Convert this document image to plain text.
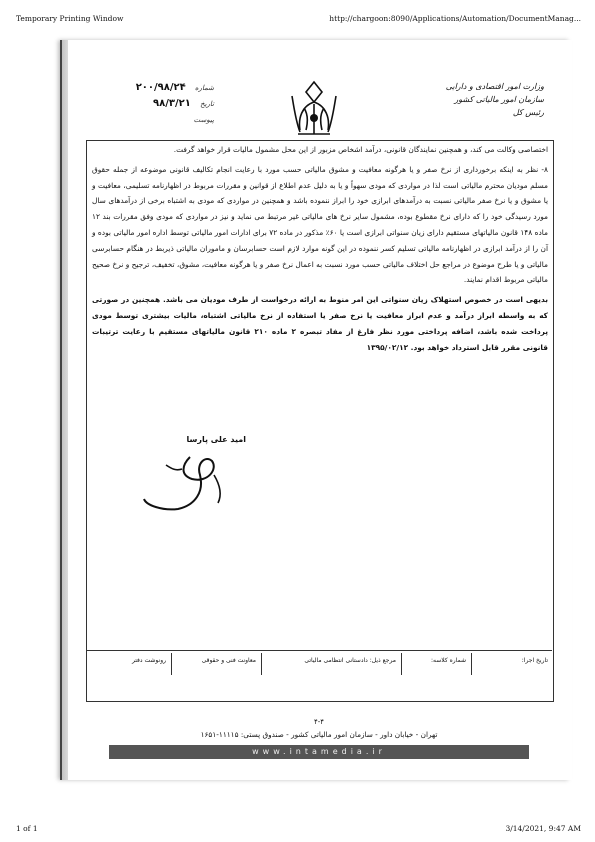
Temporary Printing Window	http://chargoon:8090/Applications/Automation/DocumentManag...
وزارت امور اقتصادی و دارایی
سازمان امور مالیاتی کشور
رئیس کل
شماره ۲۰۰/۹۸/۲۴
تاریخ ۹۸/۳/۲۱
پیوست

اختصاصی وکالت می کند، و همچنین نمایندگان قانونی، درآمد اشخاص مزبور از این محل مشمول مالیات قرار خواهد گرفت.

۸- نظر به اینکه برخورداری از نرخ صفر و یا هرگونه معافیت و مشوق مالیاتی حسب مورد با رعایت انجام تکالیف قانونی موضوعه از جمله حقوق مسلم مودیان محترم مالیاتی است لذا در مواردی که مودی سهواً و یا به دلیل عدم اطلاع از قوانین و مقررات مربوط در اظهارنامه تسلیمی، معافیت و یا مشوق و یا نرخ صفر مالیاتی نسبت به درآمدهای ابرازی خود را ابراز ننموده باشد و همچنین در مواردی که مودی به اشتباه برخی از درآمدهای سال مورد رسیدگی خود را که دارای نرخ مقطوع بوده، مشمول سایر نرخ های مالیاتی غیر مرتبط می نماید و نیز در مواردی که مودی وفق مقررات بند ۱۲ ماده ۱۴۸ قانون مالیاتهای مستقیم دارای زیان سنواتی ابرازی است یا ۶۰٪ مذکور در ماده ۷۲ برای ادارات امور مالیاتی توسط اداره امور مالیاتی بوده و آن را از درآمد ابرازی در اظهارنامه مالیاتی تسلیم کسر ننموده در این گونه موارد لازم است حسابرسان و ماموران مالیاتی ذیربط در هنگام حسابرسی مالیاتی و یا طرح موضوع در مراجع حل اختلاف مالیاتی حسب مورد نسبت به اعمال نرخ صفر و یا هرگونه معافیت، مشوق، تخفیف، ترجیح و نرخ صحیح مالیاتی مربوط اقدام نمایند.

بدیهی است در خصوص استهلاک زیان سنواتی این امر منوط به ارائه درخواست از طرف مودیان می باشد. همچنین در صورتی که به واسطه ابراز درآمد و عدم ابراز معافیت یا نرخ صفر یا استفاده از نرخ مالیاتی اشتباه، مالیات بیشتری توسط مودی پرداخت شده باشد، اضافه پرداختی مورد نظر فارغ از مفاد تبصره ۲ ماده ۲۱۰ قانون مالیاتهای مستقیم با رعایت ترتیبات قانونی مقرر قابل استرداد خواهد بود. ۱۳۹۵/۰۲/۱۲

امید علی پارسا
تاریخ اجرا:
شماره کلاسه:
مرجع ذیل: دادستانی انتظامی مالیاتی
معاونت فنی و حقوقی
رونوشت دفتر
۴-۴
تهران - خیابان داور - سازمان امور مالیاتی کشور - صندوق پستی: ۱۱۱۱۵-۱۶۵۱
www.intamedia.ir
1 of 1	3/14/2021, 9:47 AM
